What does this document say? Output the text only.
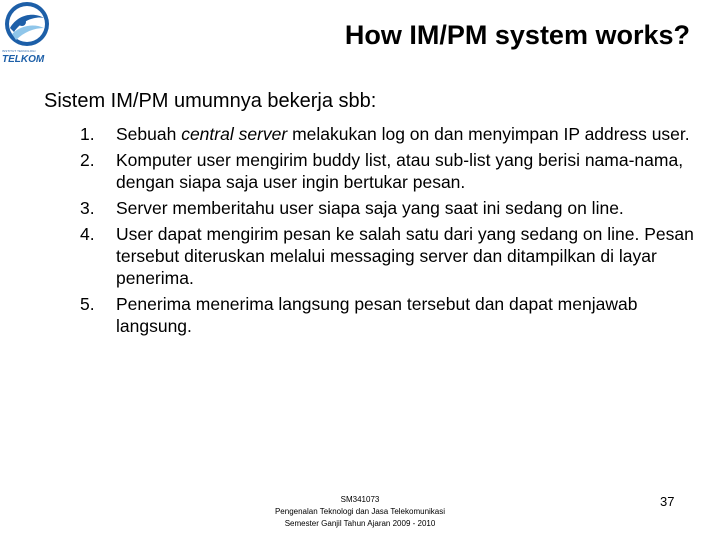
INSTITUT TEKNOLOGI
TELKOM
How IM/PM system works?
Sistem IM/PM umumnya bekerja sbb:
1. Sebuah central server melakukan log on dan menyimpan IP address user.
2. Komputer user mengirim buddy list, atau sub-list yang berisi nama-nama, dengan siapa saja user ingin bertukar pesan.
3. Server memberitahu user siapa saja yang saat ini sedang on line.
4. User dapat mengirim pesan ke salah satu dari yang sedang on line. Pesan tersebut diteruskan melalui messaging server dan ditampilkan di layar penerima.
5. Penerima menerima langsung pesan tersebut dan dapat menjawab langsung.
SM341073
Pengenalan Teknologi dan Jasa Telekomunikasi
Semester Ganjil Tahun Ajaran 2009 - 2010
37
